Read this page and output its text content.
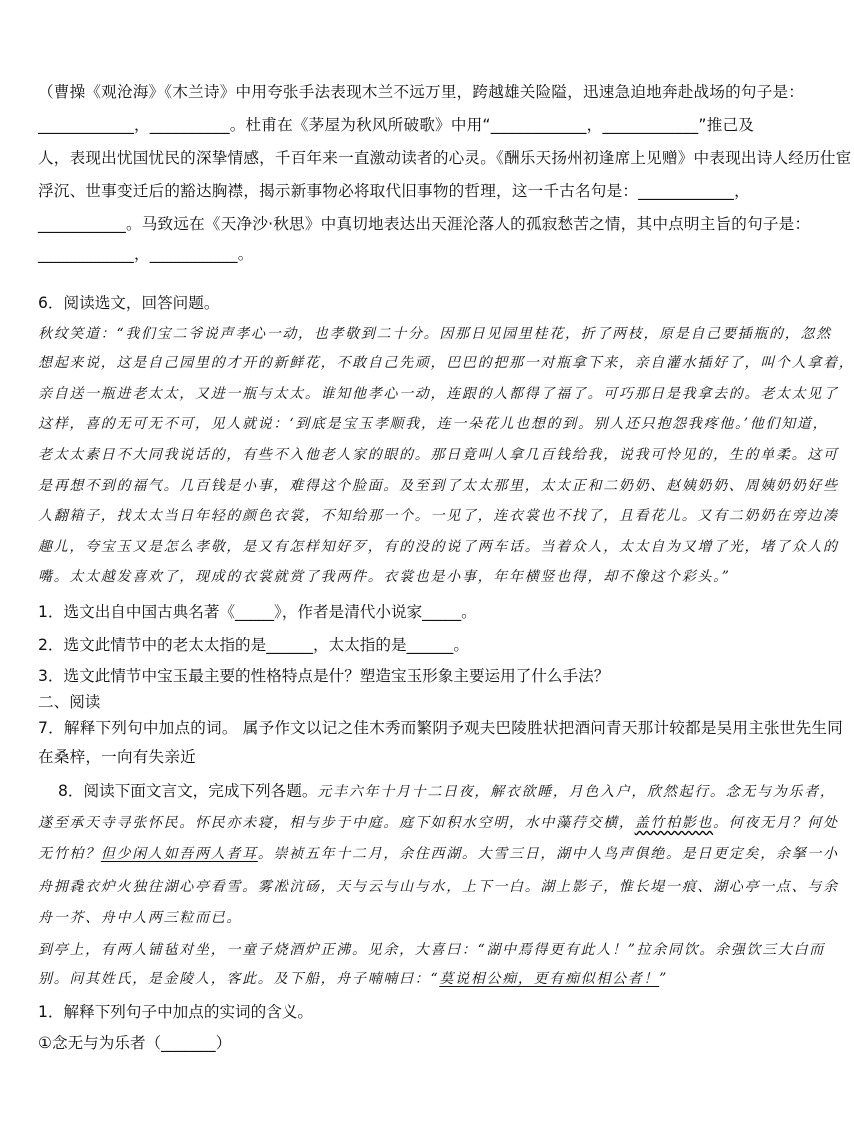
（曹操《观沧海》《木兰诗》中用夸张手法表现木兰不远万里，跨越雄关险隘，迅速急迫地奔赴战场的句子是：
____________，__________。杜甫在《茅屋为秋风所破歌》中用“____________，____________”推己及
人，表现出忧国忧民的深挚情感，千百年来一直激动读者的心灵。《酬乐天扬州初逢席上见赠》中表现出诗人经历仕宦
浮沉、世事变迁后的豁达胸襟，揭示新事物必将取代旧事物的哲理，这一千古名句是：____________，
___________。马致远在《天净沙·秋思》中真切地表达出天涯沦落人的孤寂愁苦之情，其中点明主旨的句子是：
____________，___________。
6．阅读选文，回答问题。
秋纹笑道：“我们宝二爷说声孝心一动，也孝敬到二十分。因那日见园里桂花，折了两枝，原是自己要插瓶的，忽然
想起来说，这是自己园里的才开的新鲜花，不敢自己先顽，巴巴的把那一对瓶拿下来，亲自灌水插好了，叫个人拿着，
亲自送一瓶进老太太，又进一瓶与太太。谁知他孝心一动，连跟的人都得了福了。可巧那日是我拿去的。老太太见了
这样，喜的无可无不可，见人就说：‘到底是宝玉孝顺我，连一朵花儿也想的到。别人还只抱怨我疼他。’他们知道，
老太太素日不大同我说话的，有些不入他老人家的眼的。那日竟叫人拿几百钱给我，说我可怜见的，生的单柔。这可
是再想不到的福气。几百钱是小事，难得这个脸面。及至到了太太那里，太太正和二奶奶、赵姨奶奶、周姨奶奶好些
人翻箱子，找太太当日年轻的颜色衣裳，不知给那一个。一见了，连衣裳也不找了，且看花儿。又有二奶奶在旁边凑
趣儿，夸宝玉又是怎么孝敬，是又有怎样知好歹，有的没的说了两车话。当着众人，太太自为又增了光，堵了众人的
嘴。太太越发喜欢了，现成的衣裳就赏了我两件。衣裳也是小事，年年横竖也得，却不像这个彩头。”
1．选文出自中国古典名著《_____》，作者是清代小说家_____。
2．选文此情节中的老太太指的是______，太太指的是______。
3．选文此情节中宝玉最主要的性格特点是什？塑造宝玉形象主要运用了什么手法？
二、阅读
7．解释下列句中加点的词。 属予作文以记之佳木秀而繁阴予观夫巴陵胜状把酒问青天那计较都是吴用主张世先生同
在桑梓，一向有失亲近
8．阅读下面文言文，完成下列各题。元丰六年十月十二日夜，解衣欲睡，月色入户，欣然起行。念无与为乐者，
遂至承天寺寻张怀民。怀民亦未寝，相与步于中庭。庭下如积水空明，水中藻荇交横，盖竹柏影也。何夜无月？何处
无竹柏？但少闲人如吾两人者耳。崇祯五年十二月，余住西湖。大雪三日，湖中人鸟声俱绝。是日更定矣，余拏一小
舟拥毳衣炉火独往湖心亭看雪。雾凇沆砀，天与云与山与水，上下一白。湖上影子，惟长堤一痕、湖心亭一点、与余
舟一芥、舟中人两三粒而已。
到亭上，有两人铺毡对坐，一童子烧酒炉正沸。见余，大喜曰：“湖中焉得更有此人！”拉余同饮。余强饮三大白而
别。问其姓氏，是金陵人，客此。及下船，舟子喃喃曰：“莫说相公痴，更有痴似相公者！”
1．解释下列句子中加点的实词的含义。
①念无与为乐者（_______）
